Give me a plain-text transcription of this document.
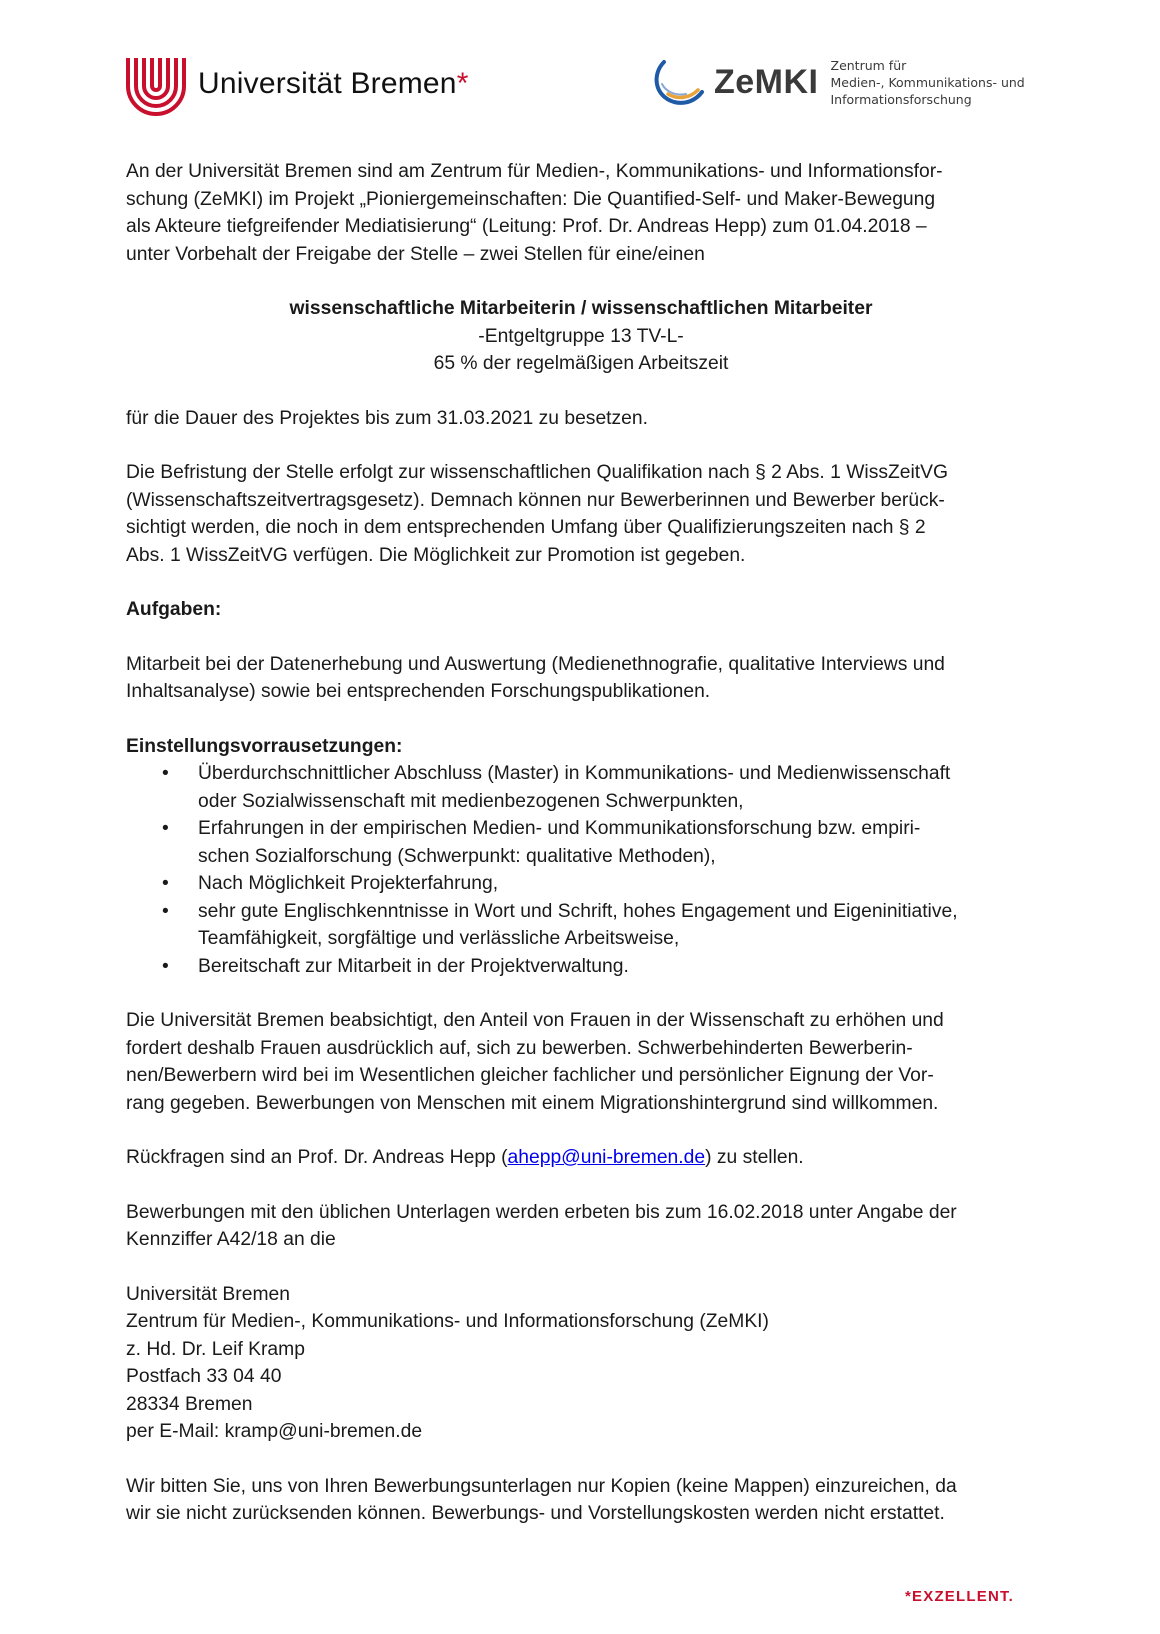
Universität Bremen*	ZeMKI Zentrum für
Medien-, Kommunikations- und
Informationsforschung

An der Universität Bremen sind am Zentrum für Medien-, Kommunikations- und Informationsfor-
schung (ZeMKI) im Projekt „Pioniergemeinschaften: Die Quantified-Self- und Maker-Bewegung
als Akteure tiefgreifender Mediatisierung“ (Leitung: Prof. Dr. Andreas Hepp) zum 01.04.2018 –
unter Vorbehalt der Freigabe der Stelle – zwei Stellen für eine/einen

wissenschaftliche Mitarbeiterin / wissenschaftlichen Mitarbeiter

-Entgeltgruppe 13 TV-L-

65 % der regelmäßigen Arbeitszeit

für die Dauer des Projektes bis zum 31.03.2021 zu besetzen.

Die Befristung der Stelle erfolgt zur wissenschaftlichen Qualifikation nach § 2 Abs. 1 WissZeitVG
(Wissenschaftszeitvertragsgesetz). Demnach können nur Bewerberinnen und Bewerber berück-
sichtigt werden, die noch in dem entsprechenden Umfang über Qualifizierungszeiten nach § 2
Abs. 1 WissZeitVG verfügen. Die Möglichkeit zur Promotion ist gegeben.

Aufgaben:

Mitarbeit bei der Datenerhebung und Auswertung (Medienethnografie, qualitative Interviews und
Inhaltsanalyse) sowie bei entsprechenden Forschungspublikationen.

Einstellungsvorrausetzungen:

• Überdurchschnittlicher Abschluss (Master) in Kommunikations- und Medienwissenschaft
oder Sozialwissenschaft mit medienbezogenen Schwerpunkten,
• Erfahrungen in der empirischen Medien- und Kommunikationsforschung bzw. empiri-
schen Sozialforschung (Schwerpunkt: qualitative Methoden),
• Nach Möglichkeit Projekterfahrung,
• sehr gute Englischkenntnisse in Wort und Schrift, hohes Engagement und Eigeninitiative,
Teamfähigkeit, sorgfältige und verlässliche Arbeitsweise,
• Bereitschaft zur Mitarbeit in der Projektverwaltung.

Die Universität Bremen beabsichtigt, den Anteil von Frauen in der Wissenschaft zu erhöhen und
fordert deshalb Frauen ausdrücklich auf, sich zu bewerben. Schwerbehinderten Bewerberin-
nen/Bewerbern wird bei im Wesentlichen gleicher fachlicher und persönlicher Eignung der Vor-
rang gegeben. Bewerbungen von Menschen mit einem Migrationshintergrund sind willkommen.

Rückfragen sind an Prof. Dr. Andreas Hepp (ahepp@uni-bremen.de) zu stellen.

Bewerbungen mit den üblichen Unterlagen werden erbeten bis zum 16.02.2018 unter Angabe der
Kennziffer A42/18 an die

Universität Bremen
Zentrum für Medien-, Kommunikations- und Informationsforschung (ZeMKI)
z. Hd. Dr. Leif Kramp
Postfach 33 04 40
28334 Bremen
per E-Mail: kramp@uni-bremen.de

Wir bitten Sie, uns von Ihren Bewerbungsunterlagen nur Kopien (keine Mappen) einzureichen, da
wir sie nicht zurücksenden können. Bewerbungs- und Vorstellungskosten werden nicht erstattet.

*EXZELLENT.
